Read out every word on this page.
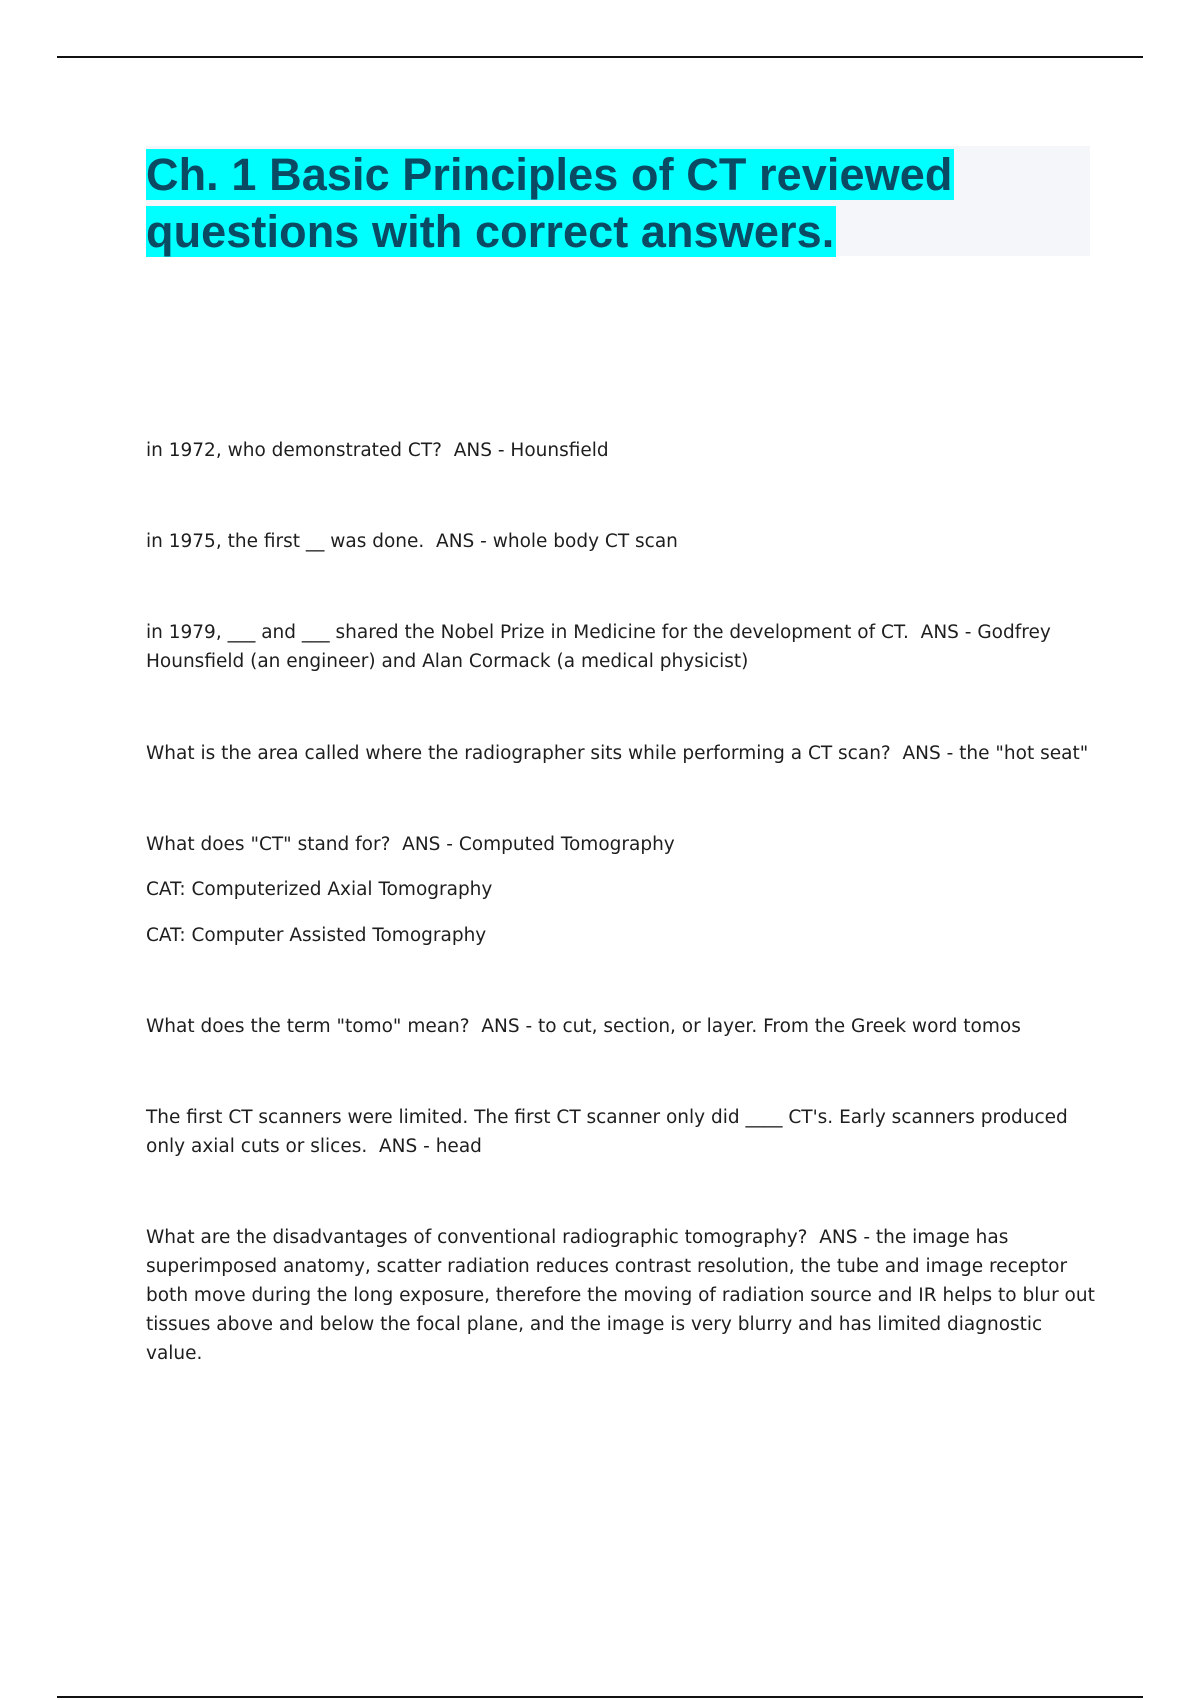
Ch. 1 Basic Principles of CT reviewed
questions with correct answers.

in 1972, who demonstrated CT? ANS - Hounsfield

in 1975, the first __ was done. ANS - whole body CT scan

in 1979, ___ and ___ shared the Nobel Prize in Medicine for the development of CT. ANS - Godfrey Hounsfield (an engineer) and Alan Cormack (a medical physicist)

What is the area called where the radiographer sits while performing a CT scan? ANS - the "hot seat"

What does "CT" stand for? ANS - Computed Tomography

CAT: Computerized Axial Tomography

CAT: Computer Assisted Tomography

What does the term "tomo" mean? ANS - to cut, section, or layer. From the Greek word tomos

The first CT scanners were limited. The first CT scanner only did ____ CT's. Early scanners produced only axial cuts or slices. ANS - head

What are the disadvantages of conventional radiographic tomography? ANS - the image has superimposed anatomy, scatter radiation reduces contrast resolution, the tube and image receptor both move during the long exposure, therefore the moving of radiation source and IR helps to blur out tissues above and below the focal plane, and the image is very blurry and has limited diagnostic value.
